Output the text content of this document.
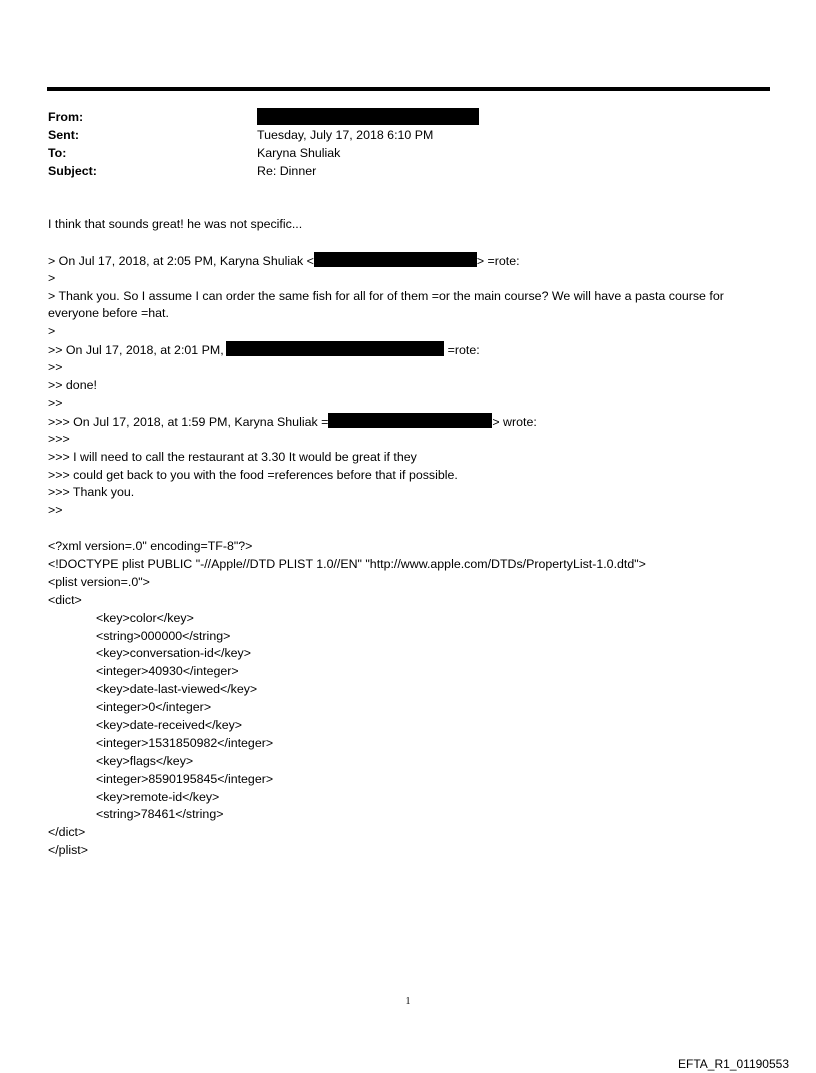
From:
Sent:	Tuesday, July 17, 2018 6:10 PM
To:	Karyna Shuliak
Subject:	Re: Dinner
I think that sounds great! he was not specific...
> On Jul 17, 2018, at 2:05 PM, Karyna Shuliak <	> =rote:
>
> Thank you. So I assume I can order the same fish for all for of them =or the main course? We will have a pasta course for everyone before =hat.
>
>> On Jul 17, 2018, at 2:01 PM,	=rote:
>>
>> done!
>>
>>> On Jul 17, 2018, at 1:59 PM, Karyna Shuliak =	> wrote:
>>>
>>> I will need to call the restaurant at 3.30 It would be great if they
>>> could get back to you with the food =references before that if possible.
>>> Thank you.
>>
<?xml version=.0" encoding=TF-8"?>
<!DOCTYPE plist PUBLIC "-//Apple//DTD PLIST 1.0//EN" "http://www.apple.com/DTDs/PropertyList-1.0.dtd">
<plist version=.0">
<dict>
<key>color</key>
<string>000000</string>
<key>conversation-id</key>
<integer>40930</integer>
<key>date-last-viewed</key>
<integer>0</integer>
<key>date-received</key>
<integer>1531850982</integer>
<key>flags</key>
<integer>8590195845</integer>
<key>remote-id</key>
<string>78461</string>
</dict>
</plist>
1
EFTA_R1_01190553
